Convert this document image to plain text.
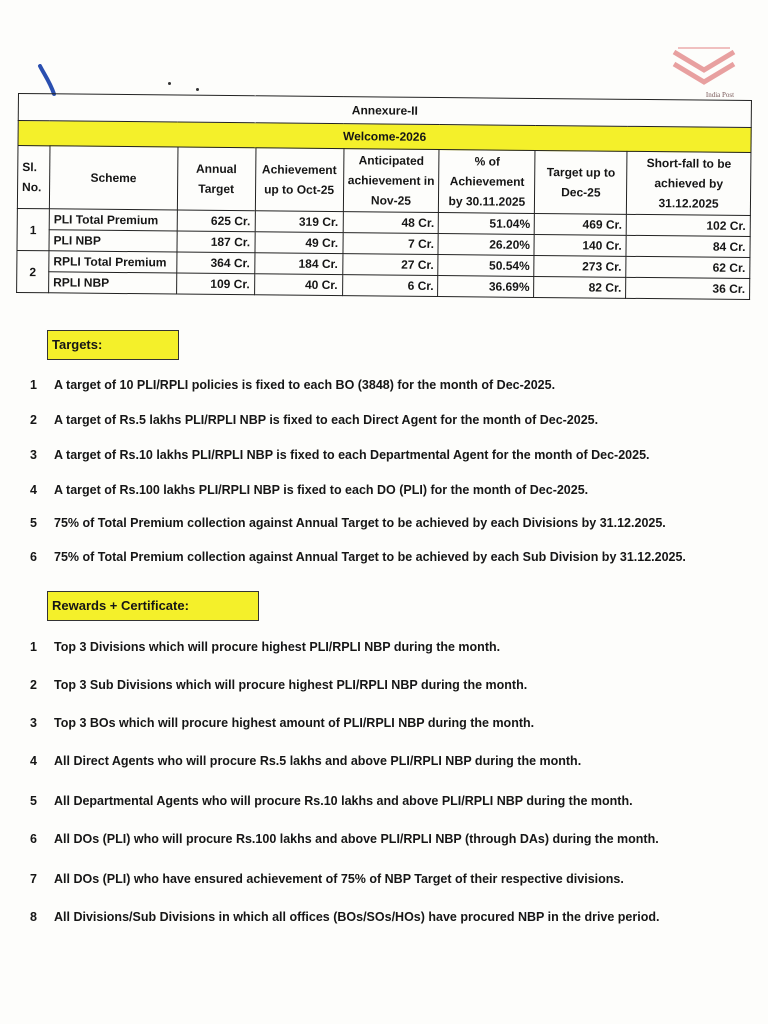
India Post
Annexure-II							
Welcome-2026							
Sl. No.	Scheme	Annual Target	Achievement up to Oct-25	Anticipated achievement in Nov-25	% of Achievement by 30.11.2025	Target up to Dec-25	Short-fall to be achieved by 31.12.2025
1	PLI Total Premium	625 Cr.	319 Cr.	48 Cr.	51.04%	469 Cr.	102 Cr.
	PLI NBP	187 Cr.	49 Cr.	7 Cr.	26.20%	140 Cr.	84 Cr.
2	RPLI Total Premium	364 Cr.	184 Cr.	27 Cr.	50.54%	273 Cr.	62 Cr.
	RPLI NBP	109 Cr.	40 Cr.	6 Cr.	36.69%	82 Cr.	36 Cr.
Targets:
1 A target of 10 PLI/RPLI policies is fixed to each BO (3848) for the month of Dec-2025.
2 A target of Rs.5 lakhs PLI/RPLI NBP is fixed to each Direct Agent for the month of Dec-2025.
3 A target of Rs.10 lakhs PLI/RPLI NBP is fixed to each Departmental Agent for the month of Dec-2025.
4 A target of Rs.100 lakhs PLI/RPLI NBP is fixed to each DO (PLI) for the month of Dec-2025.
5 75% of Total Premium collection against Annual Target to be achieved by each Divisions by 31.12.2025.
6 75% of Total Premium collection against Annual Target to be achieved by each Sub Division by 31.12.2025.
Rewards + Certificate:
1 Top 3 Divisions which will procure highest PLI/RPLI NBP during the month.
2 Top 3 Sub Divisions which will procure highest PLI/RPLI NBP during the month.
3 Top 3 BOs which will procure highest amount of PLI/RPLI NBP during the month.
4 All Direct Agents who will procure Rs.5 lakhs and above PLI/RPLI NBP during the month.
5 All Departmental Agents who will procure Rs.10 lakhs and above PLI/RPLI NBP during the month.
6 All DOs (PLI) who will procure Rs.100 lakhs and above PLI/RPLI NBP (through DAs) during the month.
7 All DOs (PLI) who have ensured achievement of 75% of NBP Target of their respective divisions.
8 All Divisions/Sub Divisions in which all offices (BOs/SOs/HOs) have procured NBP in the drive period.
